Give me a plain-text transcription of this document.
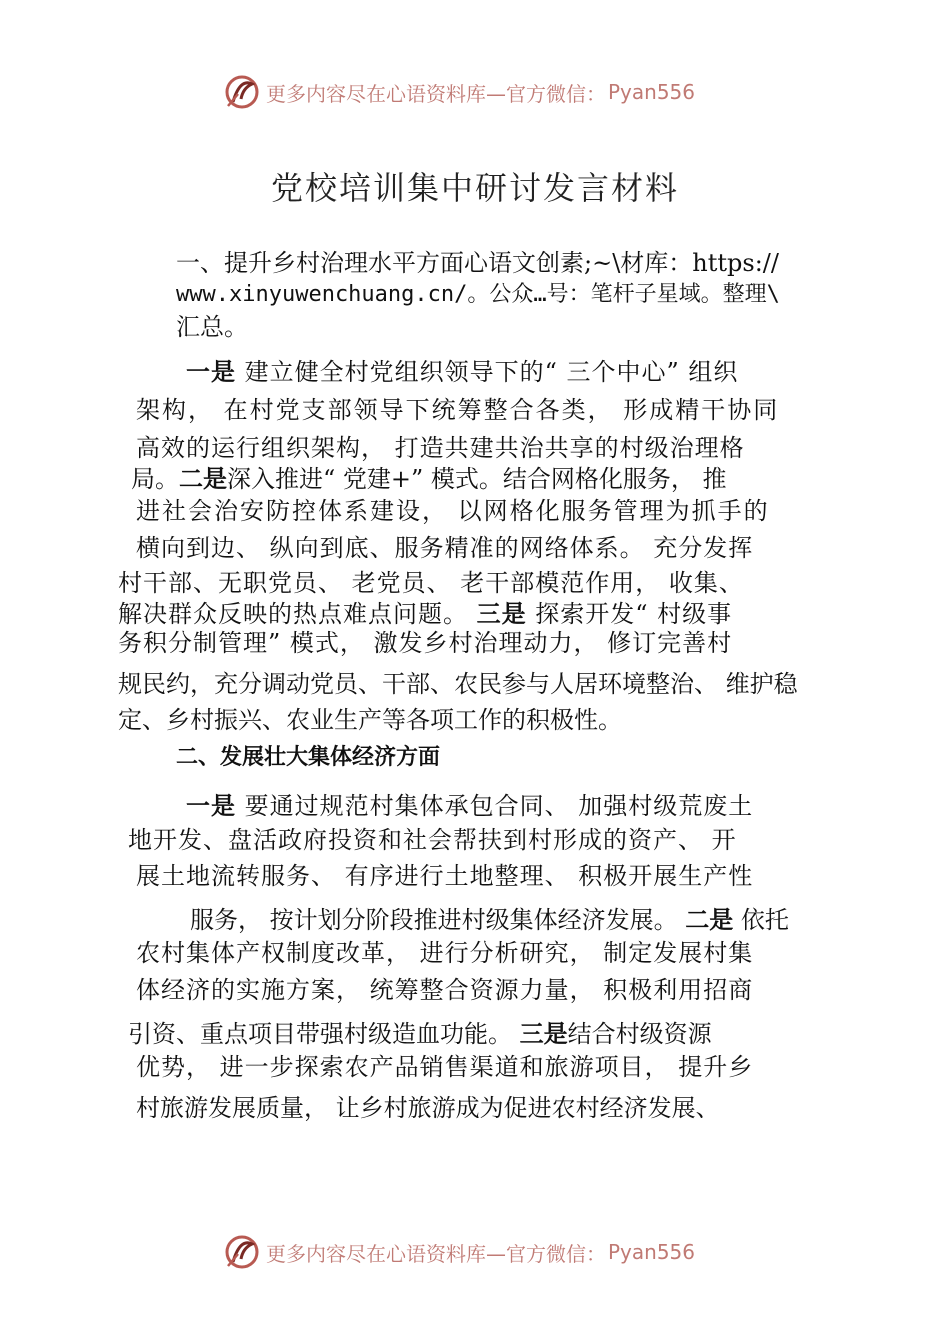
更多内容尽在心语资料库—官方微信： Pyan556
党校培训集中研讨发言材料
一、提升乡村治理水平方面心语文创素;~\材库：https://
www.xinyuwenchuang.cn/。公众…号：笔杆子星域。整理\
汇总。
一是 建立健全村党组织领导下的“ 三个中心” 组织
架构， 在村党支部领导下统筹整合各类， 形成精干协同
高效的运行组织架构， 打造共建共治共享的村级治理格
局。二是深入推进“ 党建+” 模式。结合网格化服务， 推
进社会治安防控体系建设， 以网格化服务管理为抓手的
横向到边、 纵向到底、服务精准的网络体系。 充分发挥
村干部、无职党员、 老党员、 老干部模范作用， 收集、
解决群众反映的热点难点问题。 三是 探索开发“ 村级事
务积分制管理” 模式， 激发乡村治理动力， 修订完善村
规民约，充分调动党员、干部、农民参与人居环境整治、 维护稳
定、乡村振兴、农业生产等各项工作的积极性。
二、发展壮大集体经济方面
一是 要通过规范村集体承包合同、 加强村级荒废土
地开发、盘活政府投资和社会帮扶到村形成的资产、 开
展土地流转服务、 有序进行土地整理、 积极开展生产性
服务， 按计划分阶段推进村级集体经济发展。 二是 依托
农村集体产权制度改革， 进行分析研究， 制定发展村集
体经济的实施方案， 统筹整合资源力量， 积极利用招商
引资、重点项目带强村级造血功能。 三是结合村级资源
优势， 进一步探索农产品销售渠道和旅游项目， 提升乡
村旅游发展质量， 让乡村旅游成为促进农村经济发展、
更多内容尽在心语资料库—官方微信： Pyan556
